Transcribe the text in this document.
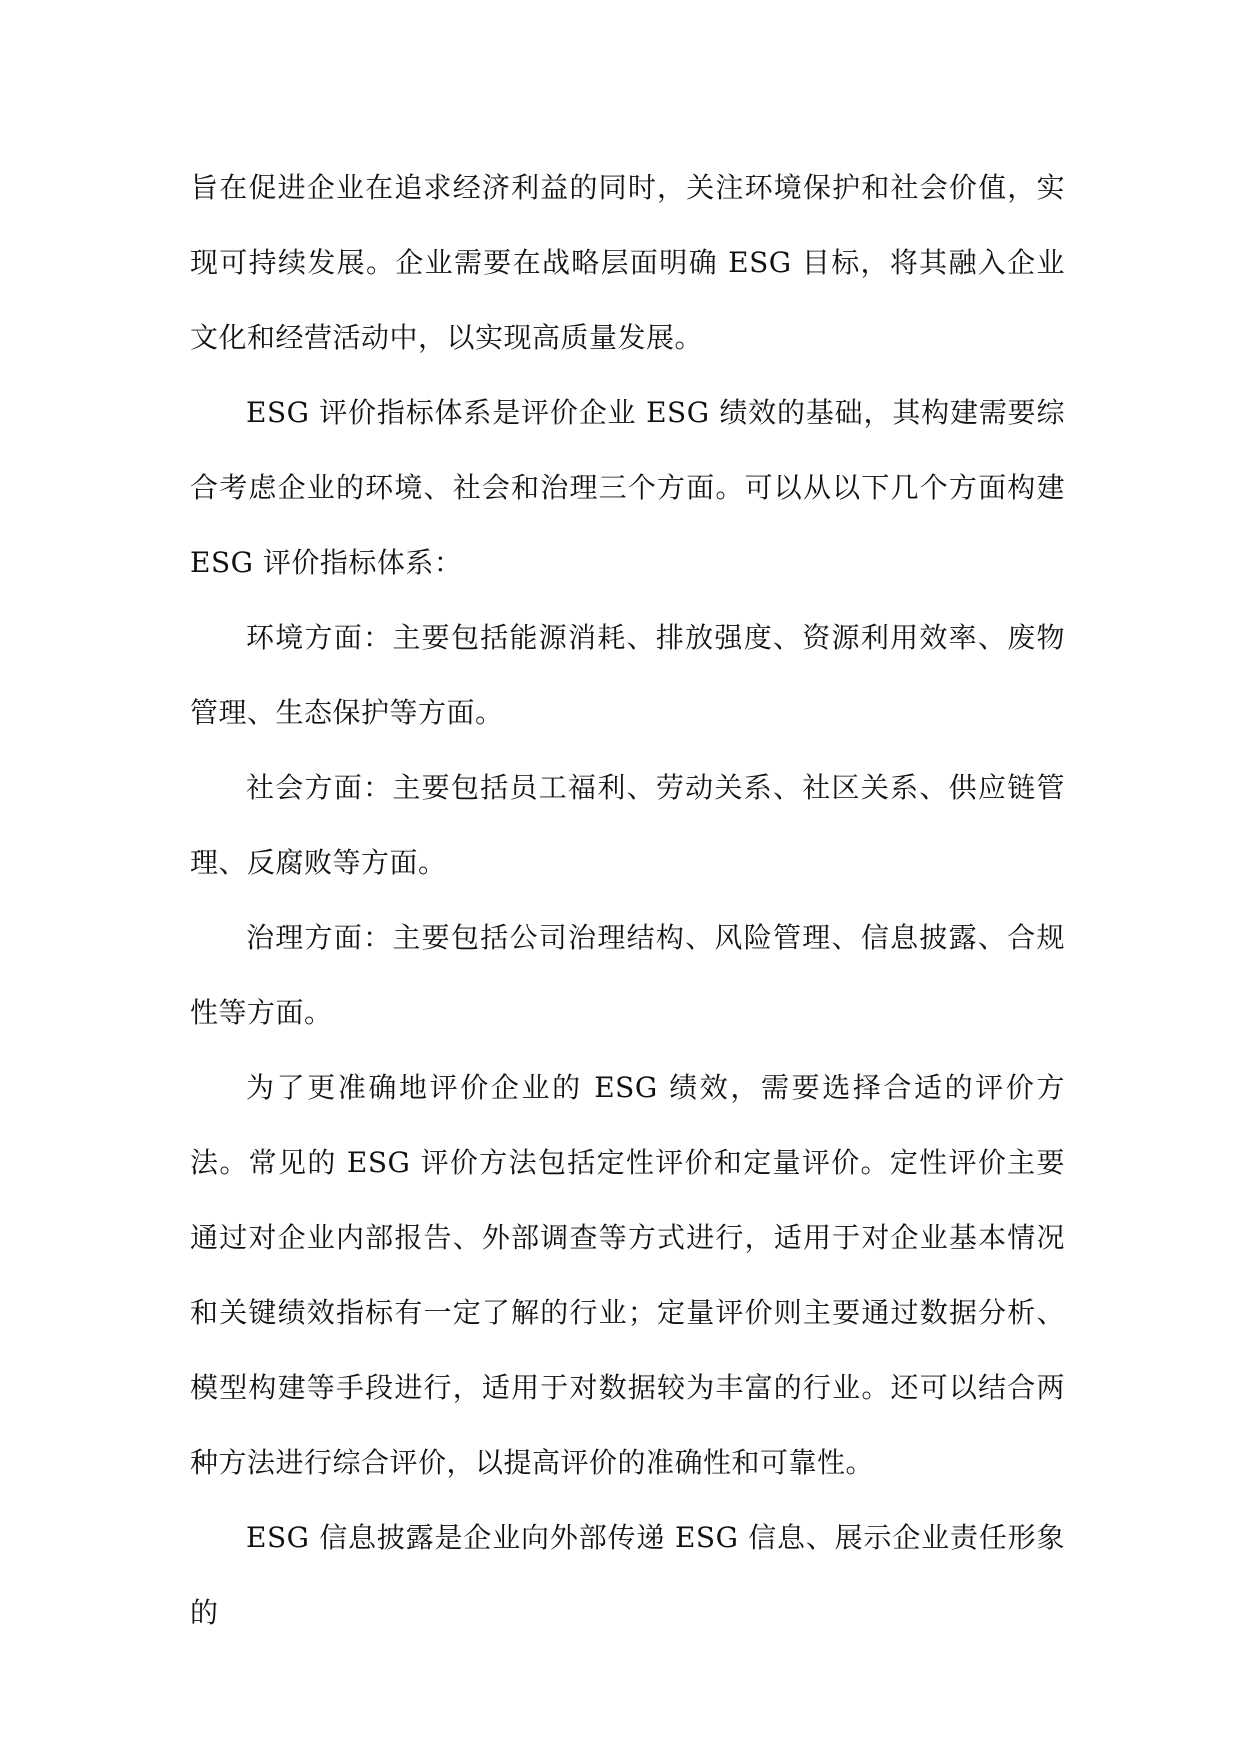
旨在促进企业在追求经济利益的同时，关注环境保护和社会价值，实现可持续发展。企业需要在战略层面明确 ESG 目标，将其融入企业文化和经营活动中，以实现高质量发展。

ESG 评价指标体系是评价企业 ESG 绩效的基础，其构建需要综合考虑企业的环境、社会和治理三个方面。可以从以下几个方面构建 ESG 评价指标体系：

环境方面：主要包括能源消耗、排放强度、资源利用效率、废物管理、生态保护等方面。

社会方面：主要包括员工福利、劳动关系、社区关系、供应链管理、反腐败等方面。

治理方面：主要包括公司治理结构、风险管理、信息披露、合规性等方面。

为了更准确地评价企业的 ESG 绩效，需要选择合适的评价方法。常见的 ESG 评价方法包括定性评价和定量评价。定性评价主要通过对企业内部报告、外部调查等方式进行，适用于对企业基本情况和关键绩效指标有一定了解的行业；定量评价则主要通过数据分析、模型构建等手段进行，适用于对数据较为丰富的行业。还可以结合两种方法进行综合评价，以提高评价的准确性和可靠性。

ESG 信息披露是企业向外部传递 ESG 信息、展示企业责任形象的
